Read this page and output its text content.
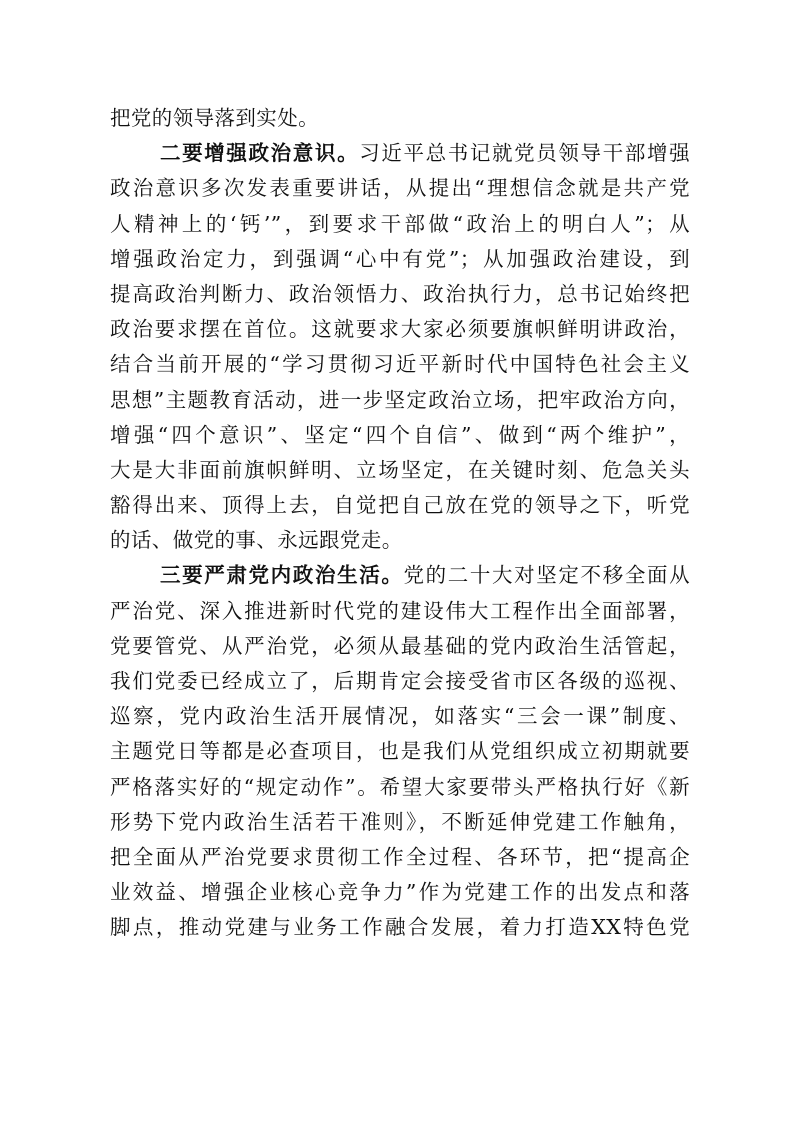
把党的领导落到实处。
二要增强政治意识。习近平总书记就党员领导干部增强
政治意识多次发表重要讲话，从提出“理想信念就是共产党
人精神上的‘钙’”，到要求干部做“政治上的明白人”；从
增强政治定力，到强调“心中有党”；从加强政治建设，到
提高政治判断力、政治领悟力、政治执行力，总书记始终把
政治要求摆在首位。这就要求大家必须要旗帜鲜明讲政治，
结合当前开展的“学习贯彻习近平新时代中国特色社会主义
思想”主题教育活动，进一步坚定政治立场，把牢政治方向，
增强“四个意识”、坚定“四个自信”、做到“两个维护”，
大是大非面前旗帜鲜明、立场坚定，在关键时刻、危急关头
豁得出来、顶得上去，自觉把自己放在党的领导之下，听党
的话、做党的事、永远跟党走。
三要严肃党内政治生活。党的二十大对坚定不移全面从
严治党、深入推进新时代党的建设伟大工程作出全面部署，
党要管党、从严治党，必须从最基础的党内政治生活管起，
我们党委已经成立了，后期肯定会接受省市区各级的巡视、
巡察，党内政治生活开展情况，如落实“三会一课”制度、
主题党日等都是必查项目，也是我们从党组织成立初期就要
严格落实好的“规定动作”。希望大家要带头严格执行好《新
形势下党内政治生活若干准则》，不断延伸党建工作触角，
把全面从严治党要求贯彻工作全过程、各环节，把“提高企
业效益、增强企业核心竞争力”作为党建工作的出发点和落
脚点，推动党建与业务工作融合发展，着力打造XX特色党
